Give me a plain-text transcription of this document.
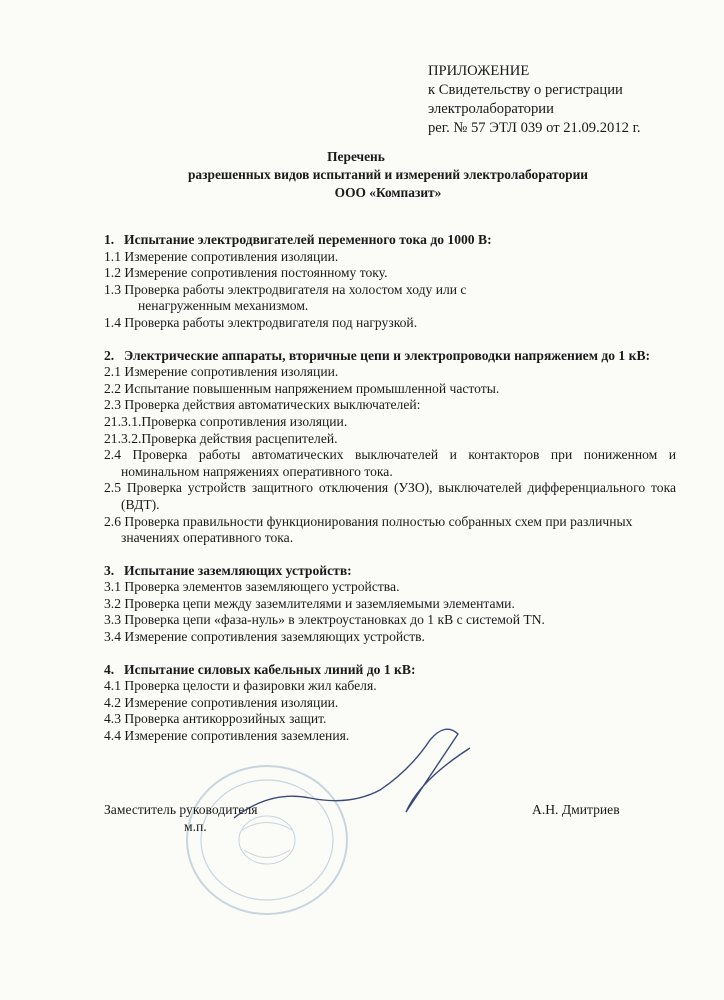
ПРИЛОЖЕНИЕ
к Свидетельству о регистрации
электролаборатории
рег. № 57 ЭТЛ 039 от 21.09.2012 г.
Перечень
разрешенных видов испытаний и измерений электролаборатории
ООО «Компазит»
1. Испытание электродвигателей переменного тока до 1000 В:
1.1 Измерение сопротивления изоляции.
1.2 Измерение сопротивления постоянному току.
1.3 Проверка работы электродвигателя на холостом ходу или с ненагруженным механизмом.
1.4 Проверка работы электродвигателя под нагрузкой.
2. Электрические аппараты, вторичные цепи и электропроводки напряжением до 1 кВ:
2.1 Измерение сопротивления изоляции.
2.2 Испытание повышенным напряжением промышленной частоты.
2.3 Проверка действия автоматических выключателей:
21.3.1.Проверка сопротивления изоляции.
21.3.2.Проверка действия расцепителей.
2.4 Проверка работы автоматических выключателей и контакторов при пониженном и номинальном напряжениях оперативного тока.
2.5 Проверка устройств защитного отключения (УЗО), выключателей дифференциального тока (ВДТ).
2.6 Проверка правильности функционирования полностью собранных схем при различных значениях оперативного тока.
3. Испытание заземляющих устройств:
3.1 Проверка элементов заземляющего устройства.
3.2 Проверка цепи между заземлителями и заземляемыми элементами.
3.3 Проверка цепи «фаза-нуль» в электроустановках до 1 кВ с системой TN.
3.4 Измерение сопротивления заземляющих устройств.
4. Испытание силовых кабельных линий до 1 кВ:
4.1 Проверка целости и фазировки жил кабеля.
4.2 Измерение сопротивления изоляции.
4.3 Проверка антикоррозийных защит.
4.4 Измерение сопротивления заземления.
Заместитель руководителя	А.Н. Дмитриев
м.п.
